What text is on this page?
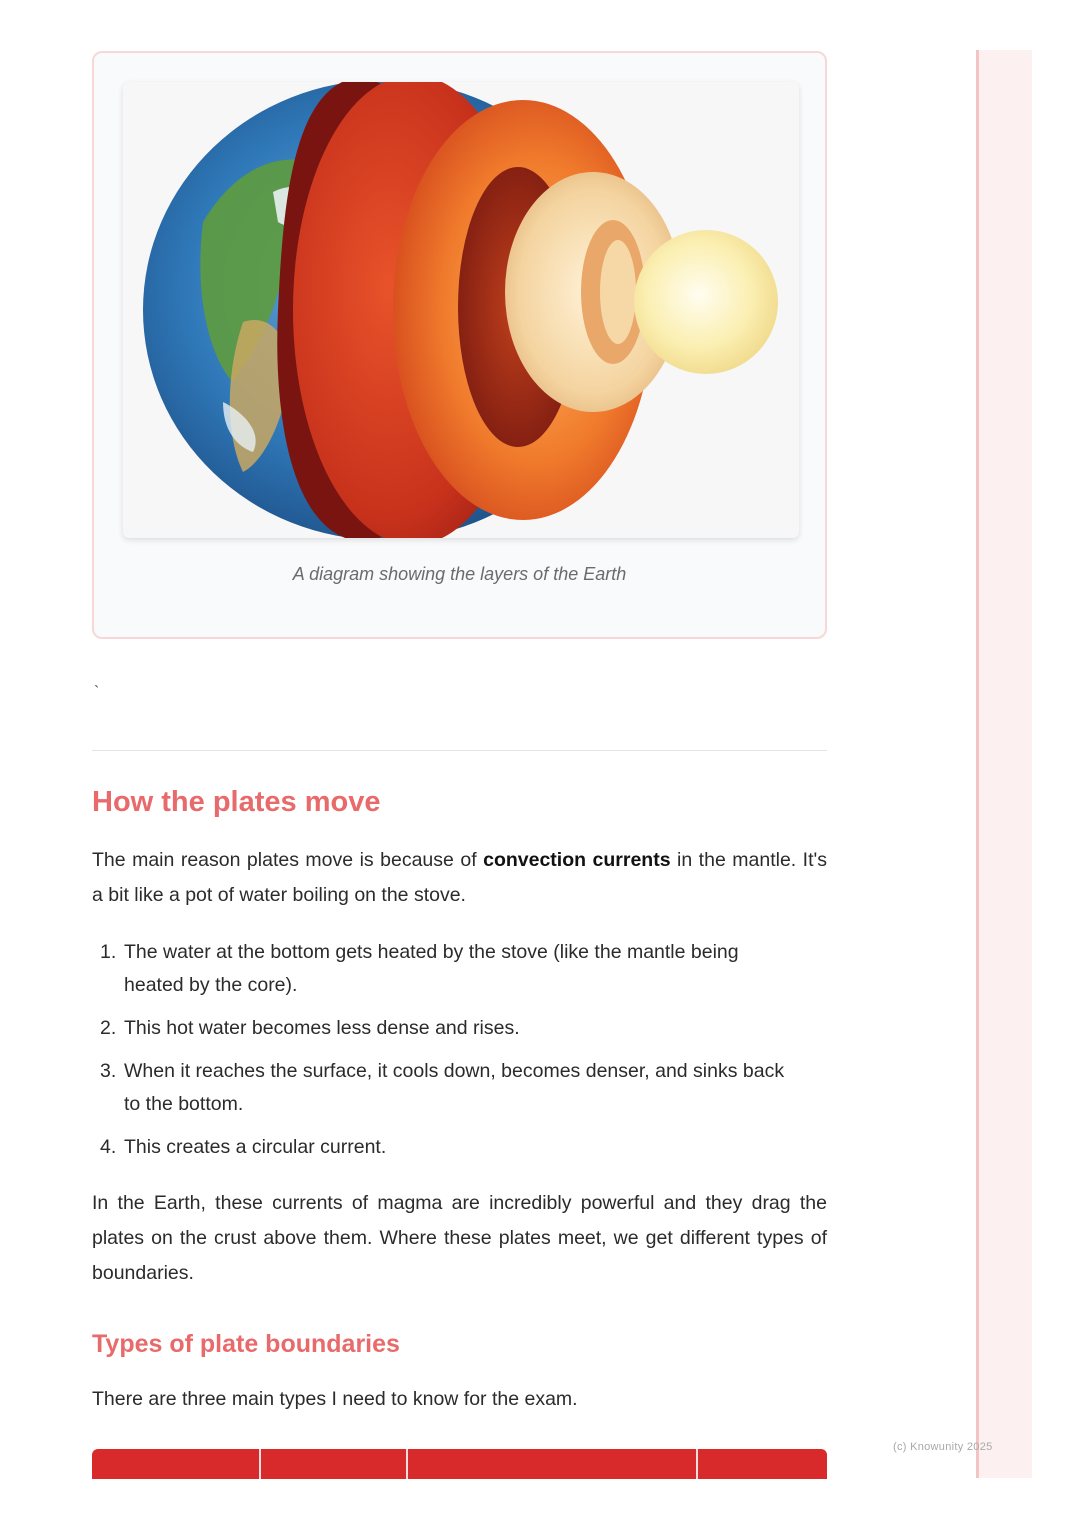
(c) Knowunity 2025
A diagram showing the layers of the Earth
`
How the plates move

The main reason plates move is because of convection currents in the mantle. It's a bit like a pot of water boiling on the stove.

1. The water at the bottom gets heated by the stove (like the mantle being heated by the core).
2. This hot water becomes less dense and rises.
3. When it reaches the surface, it cools down, becomes denser, and sinks back to the bottom.
4. This creates a circular current.

In the Earth, these currents of magma are incredibly powerful and they drag the plates on the crust above them. Where these plates meet, we get different types of boundaries.

Types of plate boundaries

There are three main types I need to know for the exam.
